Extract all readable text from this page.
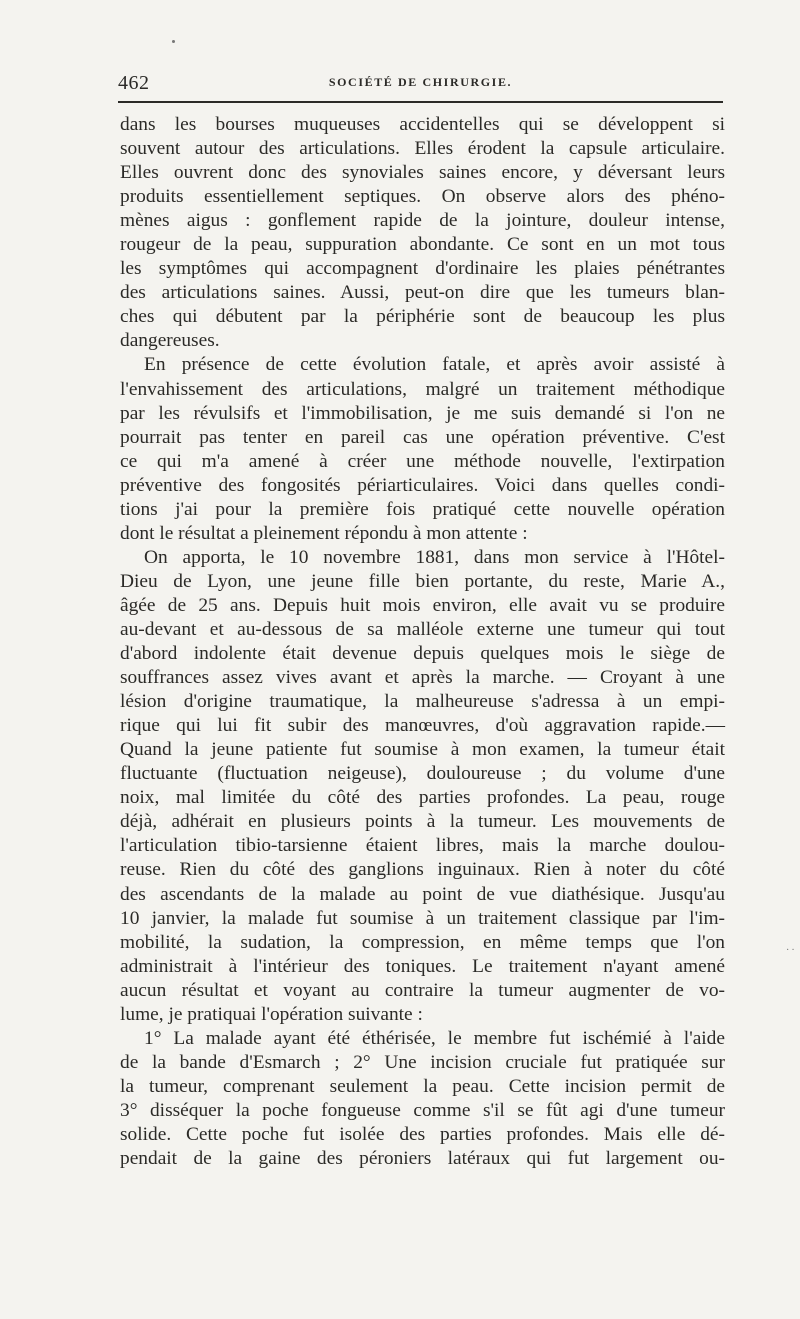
462	SOCIÉTÉ DE CHIRURGIE.
dans les bourses muqueuses accidentelles qui se développent si
souvent autour des articulations. Elles érodent la capsule articulaire.
Elles ouvrent donc des synoviales saines encore, y déversant leurs
produits essentiellement septiques. On observe alors des phéno-
mènes aigus : gonflement rapide de la jointure, douleur intense,
rougeur de la peau, suppuration abondante. Ce sont en un mot tous
les symptômes qui accompagnent d'ordinaire les plaies pénétrantes
des articulations saines. Aussi, peut-on dire que les tumeurs blan-
ches qui débutent par la périphérie sont de beaucoup les plus
dangereuses.
En présence de cette évolution fatale, et après avoir assisté à
l'envahissement des articulations, malgré un traitement méthodique
par les révulsifs et l'immobilisation, je me suis demandé si l'on ne
pourrait pas tenter en pareil cas une opération préventive. C'est
ce qui m'a amené à créer une méthode nouvelle, l'extirpation
préventive des fongosités périarticulaires. Voici dans quelles condi-
tions j'ai pour la première fois pratiqué cette nouvelle opération
dont le résultat a pleinement répondu à mon attente :
On apporta, le 10 novembre 1881, dans mon service à l'Hôtel-
Dieu de Lyon, une jeune fille bien portante, du reste, Marie A.,
âgée de 25 ans. Depuis huit mois environ, elle avait vu se produire
au-devant et au-dessous de sa malléole externe une tumeur qui tout
d'abord indolente était devenue depuis quelques mois le siège de
souffrances assez vives avant et après la marche. — Croyant à une
lésion d'origine traumatique, la malheureuse s'adressa à un empi-
rique qui lui fit subir des manœuvres, d'où aggravation rapide.—
Quand la jeune patiente fut soumise à mon examen, la tumeur était
fluctuante (fluctuation neigeuse), douloureuse ; du volume d'une
noix, mal limitée du côté des parties profondes. La peau, rouge
déjà, adhérait en plusieurs points à la tumeur. Les mouvements de
l'articulation tibio-tarsienne étaient libres, mais la marche doulou-
reuse. Rien du côté des ganglions inguinaux. Rien à noter du côté
des ascendants de la malade au point de vue diathésique. Jusqu'au
10 janvier, la malade fut soumise à un traitement classique par l'im-
mobilité, la sudation, la compression, en même temps que l'on
administrait à l'intérieur des toniques. Le traitement n'ayant amené
aucun résultat et voyant au contraire la tumeur augmenter de vo-
lume, je pratiquai l'opération suivante :
1° La malade ayant été éthérisée, le membre fut ischémié à l'aide
de la bande d'Esmarch ; 2° Une incision cruciale fut pratiquée sur
la tumeur, comprenant seulement la peau. Cette incision permit de
3° disséquer la poche fongueuse comme s'il se fût agi d'une tumeur
solide. Cette poche fut isolée des parties profondes. Mais elle dé-
pendait de la gaine des péroniers latéraux qui fut largement ou-
··
